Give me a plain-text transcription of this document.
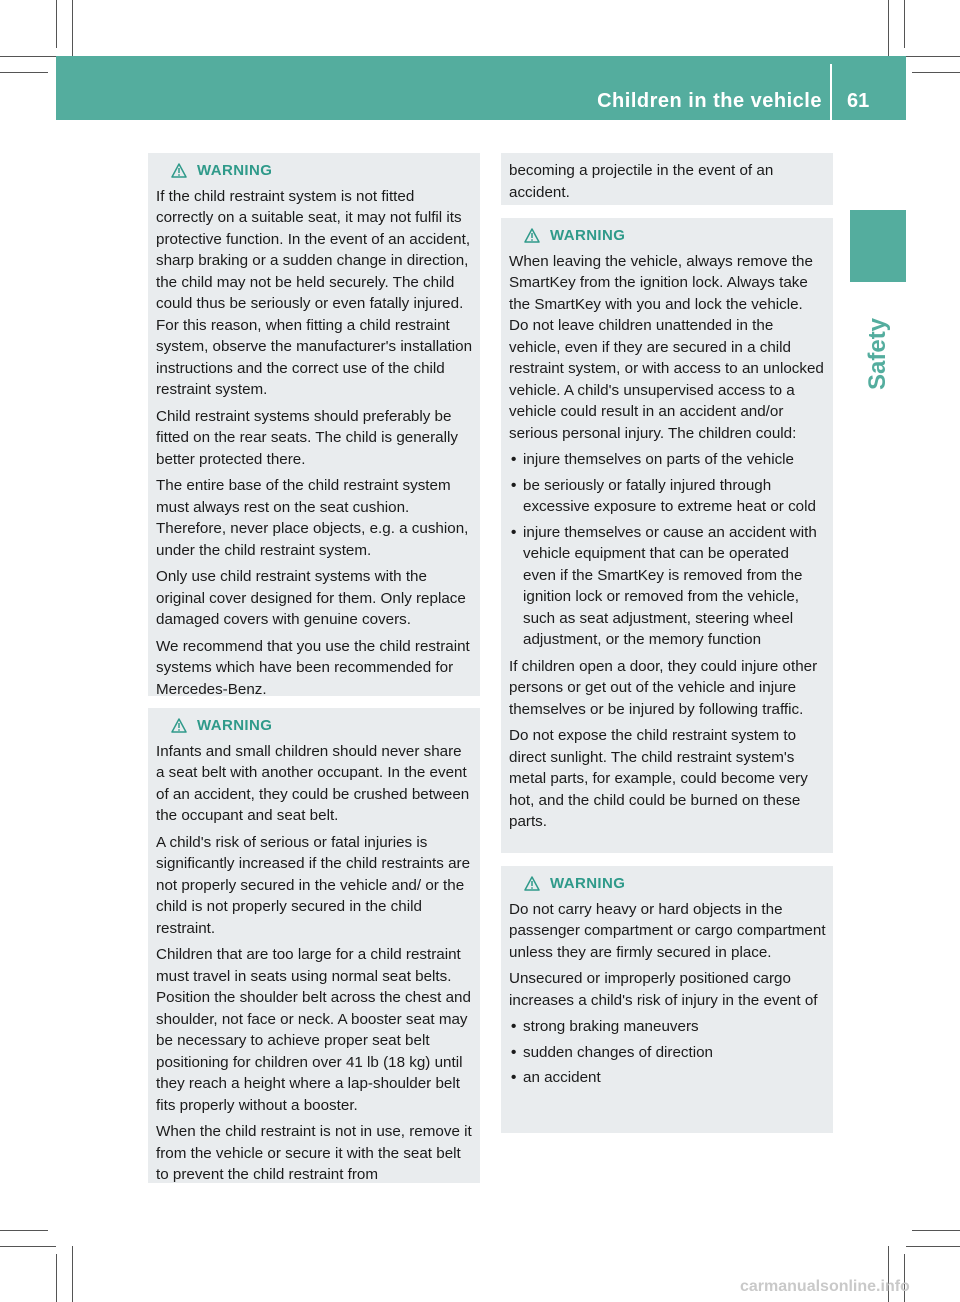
Children in the vehicle 61
Safety
WARNING

If the child restraint system is not fitted correctly on a suitable seat, it may not fulfil its protective function. In the event of an accident, sharp braking or a sudden change in direction, the child may not be held securely. The child could thus be seriously or even fatally injured. For this reason, when fitting a child restraint system, observe the manufacturer's installation instructions and the correct use of the child restraint system.

Child restraint systems should preferably be fitted on the rear seats. The child is generally better protected there.

The entire base of the child restraint system must always rest on the seat cushion. Therefore, never place objects, e.g. a cushion, under the child restraint system.

Only use child restraint systems with the original cover designed for them. Only replace damaged covers with genuine covers.

We recommend that you use the child restraint systems which have been recommended for Mercedes-Benz.

WARNING

Infants and small children should never share a seat belt with another occupant. In the event of an accident, they could be crushed between the occupant and seat belt.

A child's risk of serious or fatal injuries is significantly increased if the child restraints are not properly secured in the vehicle and/ or the child is not properly secured in the child restraint.

Children that are too large for a child restraint must travel in seats using normal seat belts. Position the shoulder belt across the chest and shoulder, not face or neck. A booster seat may be necessary to achieve proper seat belt positioning for children over 41 lb (18 kg) until they reach a height where a lap-shoulder belt fits properly without a booster.

When the child restraint is not in use, remove it from the vehicle or secure it with the seat belt to prevent the child restraint from

becoming a projectile in the event of an accident.

WARNING

When leaving the vehicle, always remove the SmartKey from the ignition lock. Always take the SmartKey with you and lock the vehicle. Do not leave children unattended in the vehicle, even if they are secured in a child restraint system, or with access to an unlocked vehicle. A child's unsupervised access to a vehicle could result in an accident and/or serious personal injury. The children could:

• injure themselves on parts of the vehicle
• be seriously or fatally injured through excessive exposure to extreme heat or cold
• injure themselves or cause an accident with vehicle equipment that can be operated even if the SmartKey is removed from the ignition lock or removed from the vehicle, such as seat adjustment, steering wheel adjustment, or the memory function

If children open a door, they could injure other persons or get out of the vehicle and injure themselves or be injured by following traffic.

Do not expose the child restraint system to direct sunlight. The child restraint system's metal parts, for example, could become very hot, and the child could be burned on these parts.

WARNING

Do not carry heavy or hard objects in the passenger compartment or cargo compartment unless they are firmly secured in place.

Unsecured or improperly positioned cargo increases a child's risk of injury in the event of

• strong braking maneuvers
• sudden changes of direction
• an accident
carmanualsonline.info
